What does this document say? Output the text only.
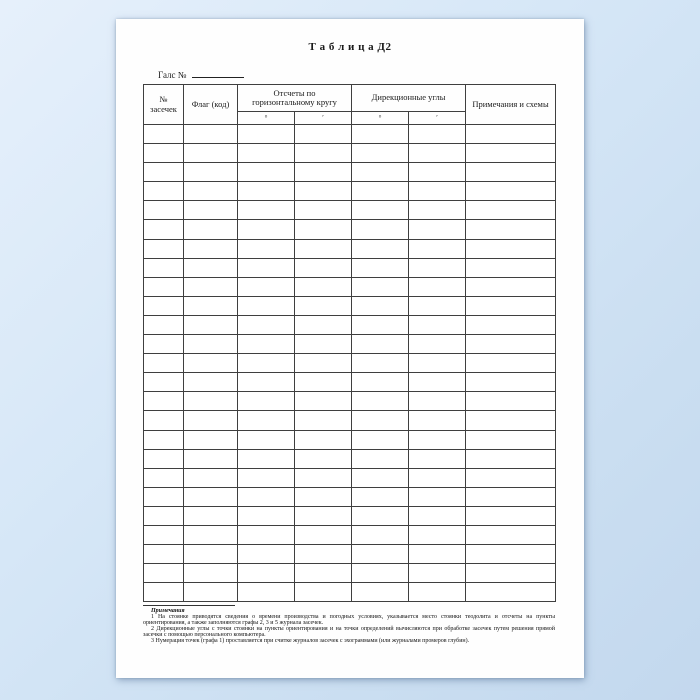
Т а б л и ц а Д2
Галс №
№ засечек	Флаг (код)	Отсчеты по горизонтальному кругу		Дирекционные углы		Примечания и схемы
		°	′	°	′	

Примечания

1 На стоянке приводятся сведения о времени производства и погодных условиях, указывается место стоянки теодолита и отсчеты на пункты ориентирования, а также заполняются графы 2, 3 и 5 журнала засечек.

2 Дирекционные углы с точки стоянки на пункты ориентирования и на точки определений вычисляются при обработке засечек путем решения прямой засечки с помощью персонального компьютера.

3 Нумерация точек (графа 1) проставляется при считке журналов засечек с эхограммами (или журналами промеров глубин).
